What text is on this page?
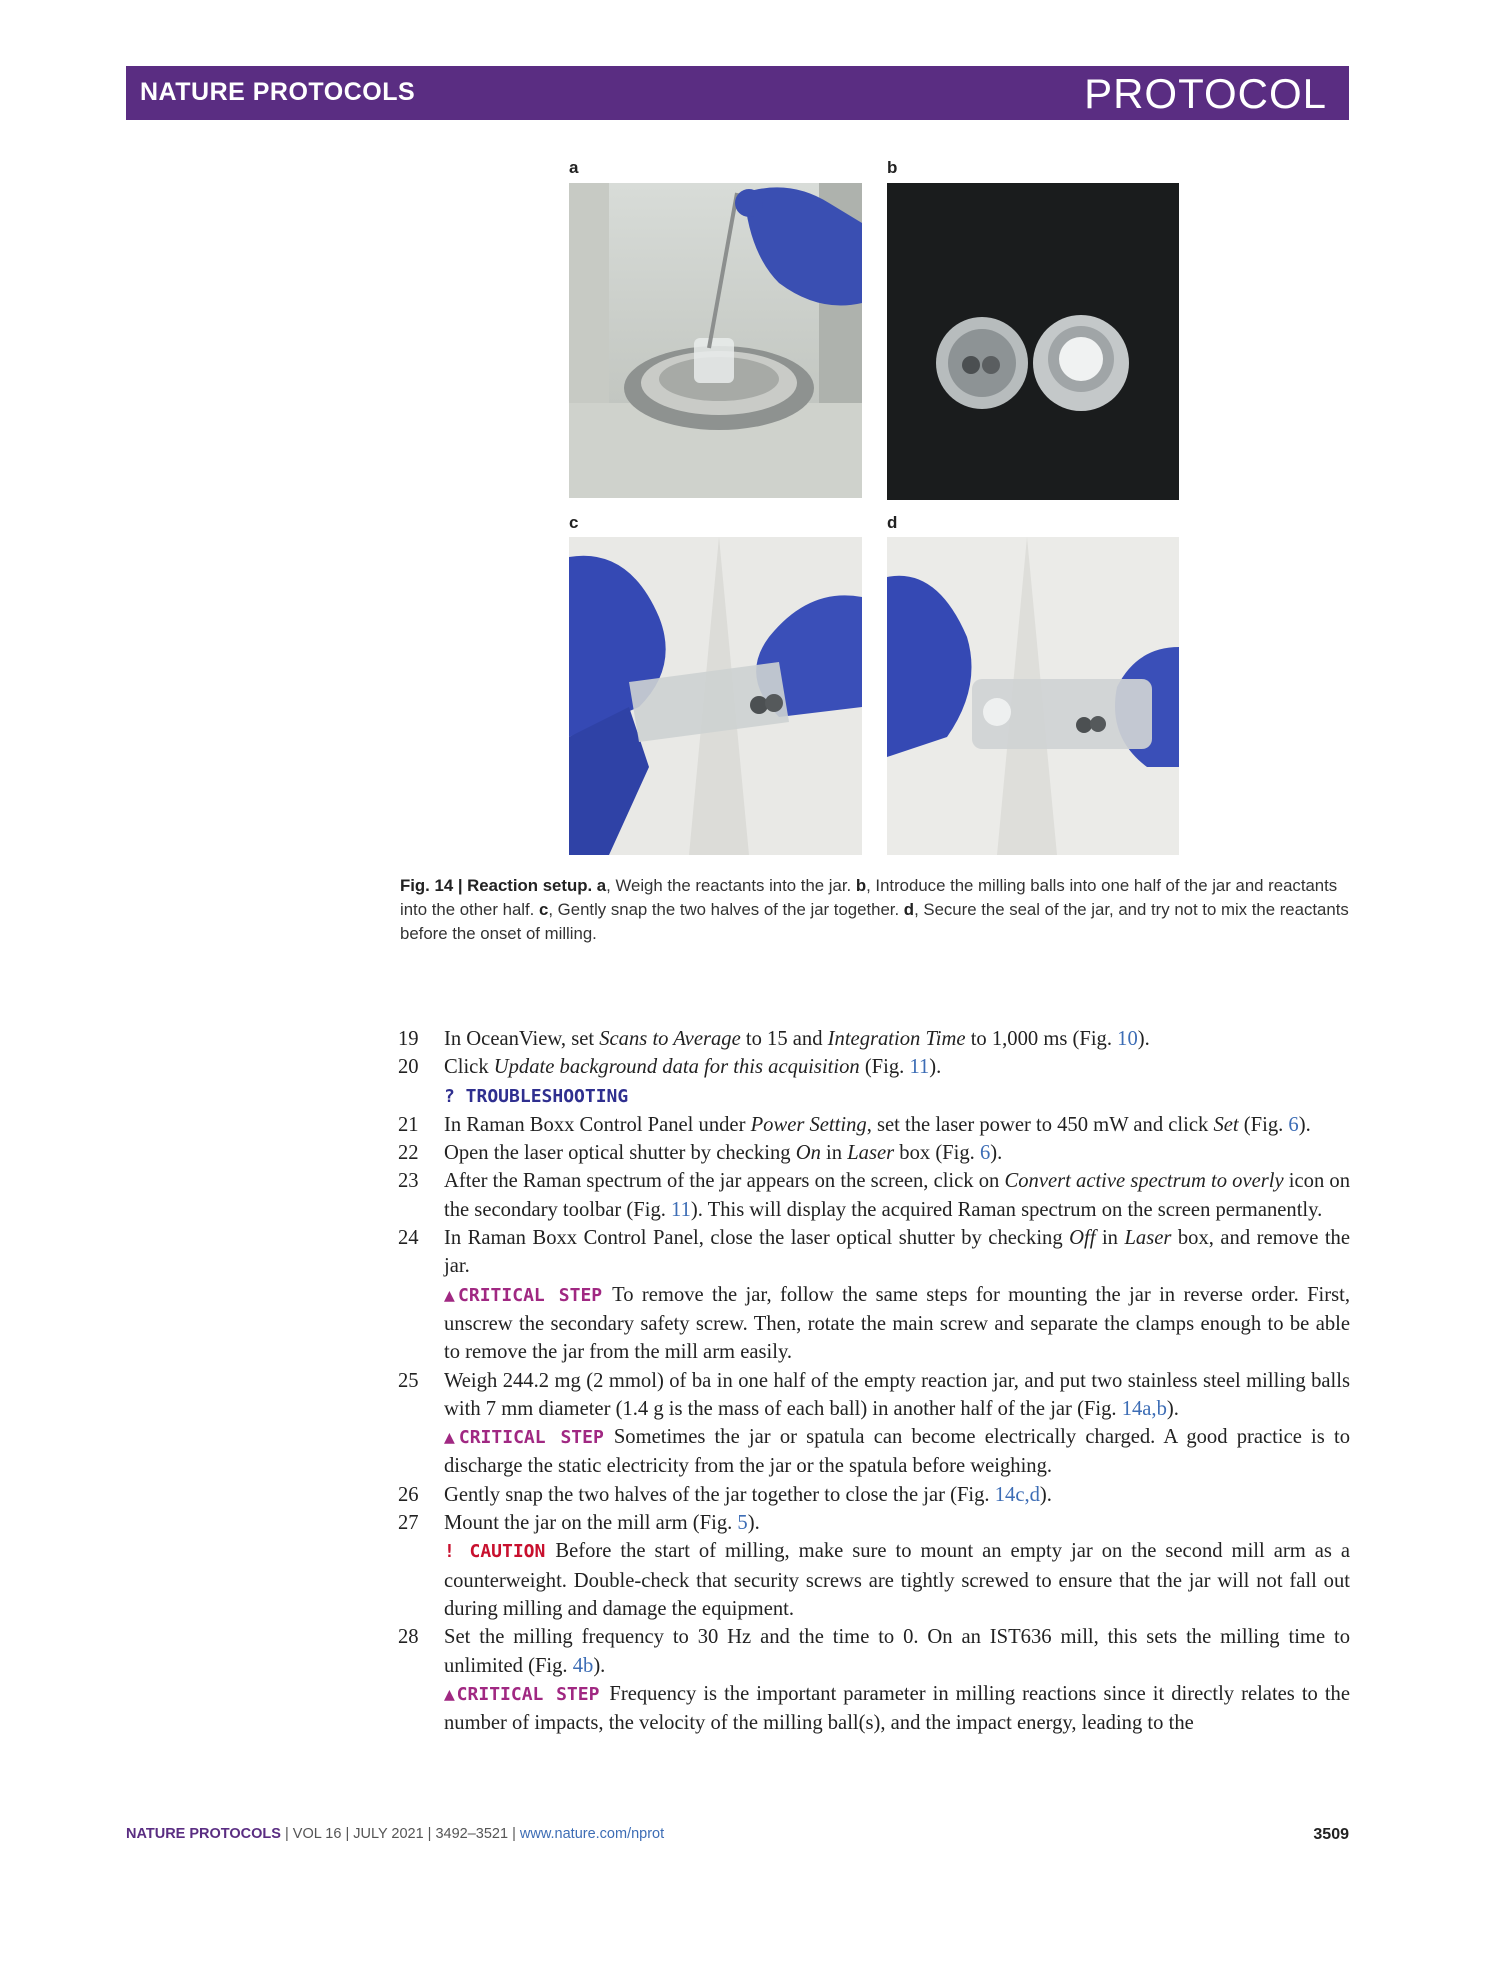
NATURE PROTOCOLS	PROTOCOL
a	b
c	d
Fig. 14 | Reaction setup. a, Weigh the reactants into the jar. b, Introduce the milling balls into one half of the jar and reactants into the other half. c, Gently snap the two halves of the jar together. d, Secure the seal of the jar, and try not to mix the reactants before the onset of milling.
19 In OceanView, set Scans to Average to 15 and Integration Time to 1,000 ms (Fig. 10).
20 Click Update background data for this acquisition (Fig. 11).
? TROUBLESHOOTING
21 In Raman Boxx Control Panel under Power Setting, set the laser power to 450 mW and click Set (Fig. 6).
22 Open the laser optical shutter by checking On in Laser box (Fig. 6).
23 After the Raman spectrum of the jar appears on the screen, click on Convert active spectrum to overly icon on the secondary toolbar (Fig. 11). This will display the acquired Raman spectrum on the screen permanently.
24 In Raman Boxx Control Panel, close the laser optical shutter by checking Off in Laser box, and remove the jar.
▲CRITICAL STEP To remove the jar, follow the same steps for mounting the jar in reverse order. First, unscrew the secondary safety screw. Then, rotate the main screw and separate the clamps enough to be able to remove the jar from the mill arm easily.
25 Weigh 244.2 mg (2 mmol) of ba in one half of the empty reaction jar, and put two stainless steel milling balls with 7 mm diameter (1.4 g is the mass of each ball) in another half of the jar (Fig. 14a,b).
▲CRITICAL STEP Sometimes the jar or spatula can become electrically charged. A good practice is to discharge the static electricity from the jar or the spatula before weighing.
26 Gently snap the two halves of the jar together to close the jar (Fig. 14c,d).
27 Mount the jar on the mill arm (Fig. 5).
! CAUTION Before the start of milling, make sure to mount an empty jar on the second mill arm as a counterweight. Double-check that security screws are tightly screwed to ensure that the jar will not fall out during milling and damage the equipment.
28 Set the milling frequency to 30 Hz and the time to 0. On an IST636 mill, this sets the milling time to unlimited (Fig. 4b).
▲CRITICAL STEP Frequency is the important parameter in milling reactions since it directly relates to the number of impacts, the velocity of the milling ball(s), and the impact energy, leading to the
NATURE PROTOCOLS | VOL 16 | JULY 2021 | 3492–3521 | www.nature.com/nprot	3509
